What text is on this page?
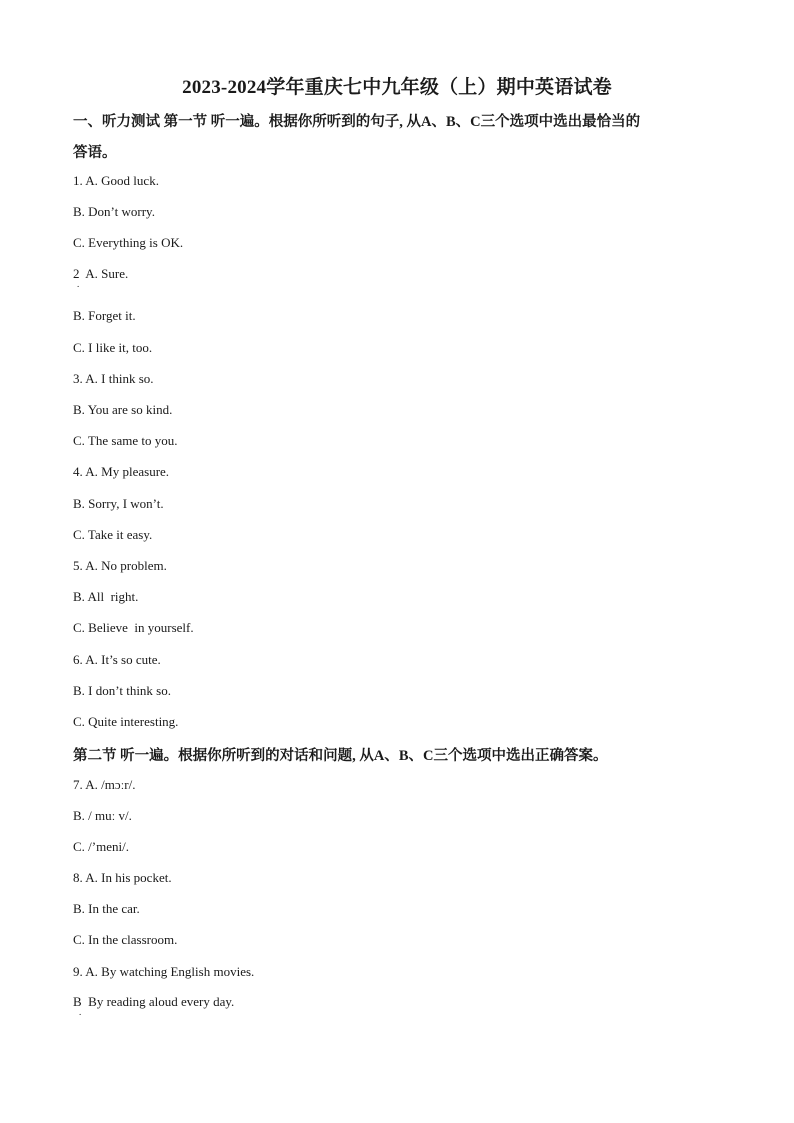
2023-2024学年重庆七中九年级（上）期中英语试卷
一、听力测试 第一节 听一遍。根据你所听到的句子, 从A、B、C三个选项中选出最恰当的
答语。
1. A. Good luck.
B. Don’t worry.
C. Everything is OK.
2  A. Sure.
.
B. Forget it.
C. I like it, too.
3. A. I think so.
B. You are so kind.
C. The same to you.
4. A. My pleasure.
B. Sorry, I won’t.
C. Take it easy.
5. A. No problem.
B. All  right.
C. Believe  in yourself.
6. A. It’s so cute.
B. I don’t think so.
C. Quite interesting.
第二节 听一遍。根据你所听到的对话和问题, 从A、B、C三个选项中选出正确答案。
7. A. /mɔːr/.
B. / muː v/.
C. /’meni/.
8. A. In his pocket.
B. In the car.
C. In the classroom.
9. A. By watching English movies.
B  By reading aloud every day.
.
